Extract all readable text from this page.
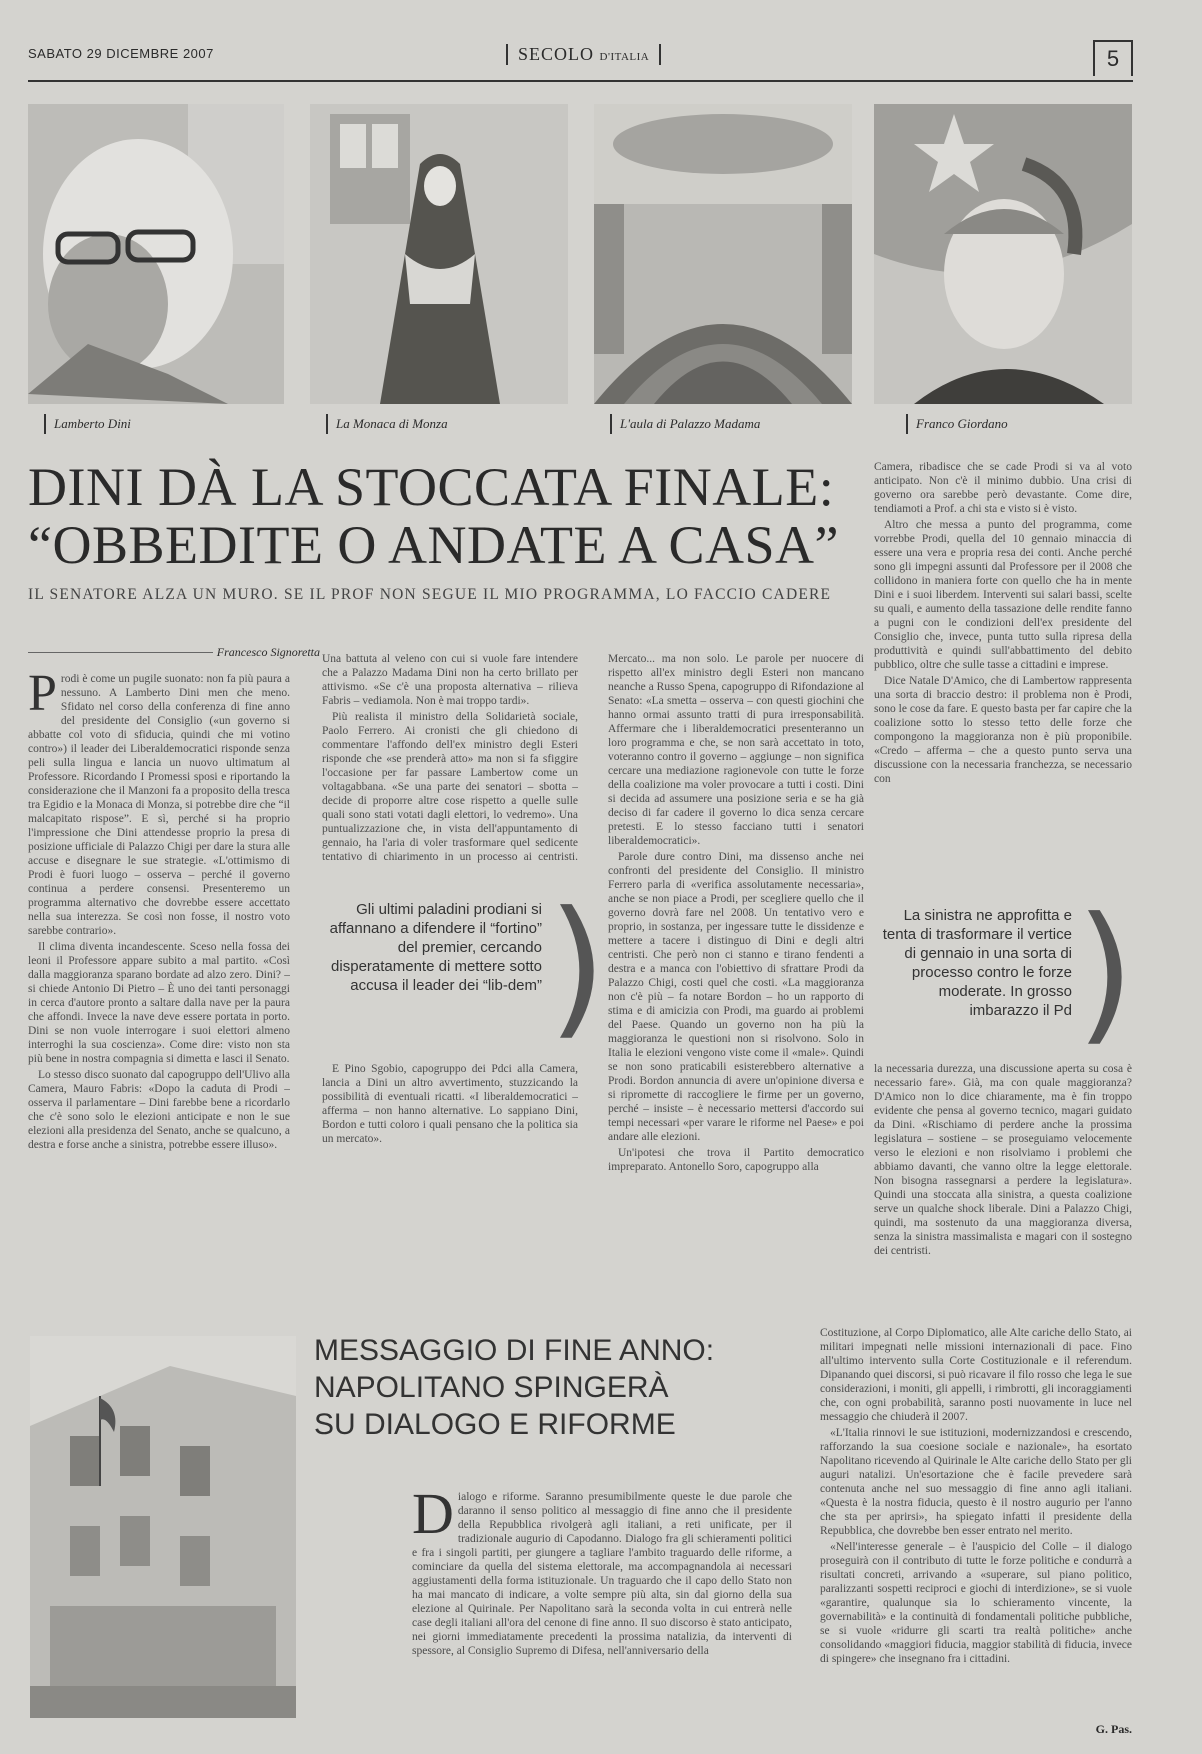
SABATO 29 DICEMBRE 2007	SECOLO D'ITALIA	5
Lamberto Dini	La Monaca di Monza	L'aula di Palazzo Madama	Franco Giordano
DINI DÀ LA STOCCATA FINALE:
“OBBEDITE O ANDATE A CASA”
IL SENATORE ALZA UN MURO. SE IL PROF NON SEGUE IL MIO PROGRAMMA, LO FACCIO CADERE
Francesco Signoretta
P rodi è come un pugile suonato: non fa più paura a nessuno. A Lamberto Dini men che meno. Sfidato nel corso della conferenza di fine anno del presidente del Consiglio («un governo si abbatte col voto di sfiducia, quindi che mi votino contro») il leader dei Liberaldemocratici risponde senza peli sulla lingua e lancia un nuovo ultimatum al Professore. Ricordando I Promessi sposi e riportando la considerazione che il Manzoni fa a proposito della tresca tra Egidio e la Monaca di Monza, si potrebbe dire che “il malcapitato rispose”. E sì, perché si ha proprio l'impressione che Dini attendesse proprio la presa di posizione ufficiale di Palazzo Chigi per dare la stura alle accuse e disegnare le sue strategie. «L'ottimismo di Prodi è fuori luogo – osserva – perché il governo continua a perdere consensi. Presenteremo un programma alternativo che dovrebbe essere accettato nella sua interezza. Se così non fosse, il nostro voto sarebbe contrario».

Il clima diventa incandescente. Sceso nella fossa dei leoni il Professore appare subito a mal partito. «Così dalla maggioranza sparano bordate ad alzo zero. Dini? – si chiede Antonio Di Pietro – È uno dei tanti personaggi in cerca d'autore pronto a saltare dalla nave per la paura che affondi. Invece la nave deve essere portata in porto. Dini se non vuole interrogare i suoi elettori almeno interroghi la sua coscienza». Come dire: visto non sta più bene in nostra compagnia si dimetta e lasci il Senato.

Lo stesso disco suonato dal capogruppo dell'Ulivo alla Camera, Mauro Fabris: «Dopo la caduta di Prodi – osserva il parlamentare – Dini farebbe bene a ricordarlo che c'è sono solo le elezioni anticipate e non le sue elezioni alla presidenza del Senato, anche se qualcuno, a destra e forse anche a sinistra, potrebbe essere illuso».

Una battuta al veleno con cui si vuole fare intendere che a Palazzo Madama Dini non ha certo brillato per attivismo. «Se c'è una proposta alternativa – rilieva Fabris – vediamola. Non è mai troppo tardi».

Più realista il ministro della Solidarietà sociale, Paolo Ferrero. Ai cronisti che gli chiedono di commentare l'affondo dell'ex ministro degli Esteri risponde che «se prenderà atto» ma non si fa sfiggire l'occasione per far passare Lambertow come un voltagabbana. «Se una parte dei senatori – sbotta – decide di proporre altre cose rispetto a quelle sulle quali sono stati votati dagli elettori, lo vedremo». Una puntualizzazione che, in vista dell'appuntamento di gennaio, ha l'aria di voler trasformare quel sedicente tentativo di chiarimento in un processo ai centristi.

Gli ultimi paladini prodiani si affannano a difendere il “fortino” del premier, cercando disperatamente di mettere sotto accusa il leader dei “lib-dem” )

E Pino Sgobio, capogruppo dei Pdci alla Camera, lancia a Dini un altro avvertimento, stuzzicando la possibilità di eventuali ricatti. «I liberaldemocratici – afferma – non hanno alternative. Lo sappiano Dini, Bordon e tutti coloro i quali pensano che la politica sia un mercato».

Mercato... ma non solo. Le parole per nuocere di rispetto all'ex ministro degli Esteri non mancano neanche a Russo Spena, capogruppo di Rifondazione al Senato: «La smetta – osserva – con questi giochini che hanno ormai assunto tratti di pura irresponsabilità. Affermare che i liberaldemocratici presenteranno un loro programma e che, se non sarà accettato in toto, voteranno contro il governo – aggiunge – non significa cercare una mediazione ragionevole con tutte le forze della coalizione ma voler provocare a tutti i costi. Dini si decida ad assumere una posizione seria e se ha già deciso di far cadere il governo lo dica senza cercare pretesti. E lo stesso facciano tutti i senatori liberaldemocratici».

Parole dure contro Dini, ma dissenso anche nei confronti del presidente del Consiglio. Il ministro Ferrero parla di «verifica assolutamente necessaria», anche se non piace a Prodi, per scegliere quello che il governo dovrà fare nel 2008. Un tentativo vero e proprio, in sostanza, per ingessare tutte le dissidenze e mettere a tacere i distinguo di Dini e degli altri centristi. Che però non ci stanno e tirano fendenti a destra e a manca con l'obiettivo di sfrattare Prodi da Palazzo Chigi, costi quel che costi. «La maggioranza non c'è più – fa notare Bordon – ho un rapporto di stima e di amicizia con Prodi, ma guardo ai problemi del Paese. Quando un governo non ha più la maggioranza le questioni non si risolvono. Solo in Italia le elezioni vengono viste come il «male». Quindi se non sono praticabili esisterebbero alternative a Prodi. Bordon annuncia di avere un'opinione diversa e si ripromette di raccogliere le firme per un governo, perché – insiste – è necessario mettersi d'accordo sui tempi necessari «per varare le riforme nel Paese» e poi andare alle elezioni.

Un'ipotesi che trova il Partito democratico impreparato. Antonello Soro, capogruppo alla

Camera, ribadisce che se cade Prodi si va al voto anticipato. Non c'è il minimo dubbio. Una crisi di governo ora sarebbe però devastante. Come dire, tendiamoti a Prof. a chi sta e visto si è visto.

Altro che messa a punto del programma, come vorrebbe Prodi, quella del 10 gennaio minaccia di essere una vera e propria resa dei conti. Anche perché sono gli impegni assunti dal Professore per il 2008 che collidono in maniera forte con quello che ha in mente Dini e i suoi liberdem. Interventi sui salari bassi, scelte su quali, e aumento della tassazione delle rendite fanno a pugni con le condizioni dell'ex presidente del Consiglio che, invece, punta tutto sulla ripresa della produttività e quindi sull'abbattimento del debito pubblico, oltre che sulle tasse a cittadini e imprese.

Dice Natale D'Amico, che di Lambertow rappresenta una sorta di braccio destro: il problema non è Prodi, sono le cose da fare. E questo basta per far capire che la coalizione sotto lo stesso tetto delle forze che compongono la maggioranza non è più proponibile. «Credo – afferma – che a questo punto serva una discussione con la necessaria franchezza, se necessario con

La sinistra ne approfitta e tenta di trasformare il vertice di gennaio in una sorta di processo contro le forze moderate. In grosso imbarazzo il Pd )

la necessaria durezza, una discussione aperta su cosa è necessario fare». Già, ma con quale maggioranza? D'Amico non lo dice chiaramente, ma è fin troppo evidente che pensa al governo tecnico, magari guidato da Dini. «Rischiamo di perdere anche la prossima legislatura – sostiene – se proseguiamo velocemente verso le elezioni e non risolviamo i problemi che abbiamo davanti, che vanno oltre la legge elettorale. Non bisogna rassegnarsi a perdere la legislatura». Quindi una stoccata alla sinistra, a questa coalizione serve un qualche shock liberale. Dini a Palazzo Chigi, quindi, ma sostenuto da una maggioranza diversa, senza la sinistra massimalista e magari con il sostegno dei centristi.

MESSAGGIO DI FINE ANNO:
NAPOLITANO SPINGERÀ
SU DIALOGO E RIFORME
D ialogo e riforme. Saranno presumibilmente queste le due parole che daranno il senso politico al messaggio di fine anno che il presidente della Repubblica rivolgerà agli italiani, a reti unificate, per il tradizionale augurio di Capodanno. Dialogo fra gli schieramenti politici e fra i singoli partiti, per giungere a tagliare l'ambito traguardo delle riforme, a cominciare da quella del sistema elettorale, ma accompagnandola ai necessari aggiustamenti della forma istituzionale. Un traguardo che il capo dello Stato non ha mai mancato di indicare, a volte sempre più alta, sin dal giorno della sua elezione al Quirinale. Per Napolitano sarà la seconda volta in cui entrerà nelle case degli italiani all'ora del cenone di fine anno. Il suo discorso è stato anticipato, nei giorni immediatamente precedenti la prossima natalizia, da interventi di spessore, al Consiglio Supremo di Difesa, nell'anniversario della

Costituzione, al Corpo Diplomatico, alle Alte cariche dello Stato, ai militari impegnati nelle missioni internazionali di pace. Fino all'ultimo intervento sulla Corte Costituzionale e il referendum. Dipanando quei discorsi, si può ricavare il filo rosso che lega le sue considerazioni, i moniti, gli appelli, i rimbrotti, gli incoraggiamenti che, con ogni probabilità, saranno posti nuovamente in luce nel messaggio che chiuderà il 2007.

«L'Italia rinnovi le sue istituzioni, modernizzandosi e crescendo, rafforzando la sua coesione sociale e nazionale», ha esortato Napolitano ricevendo al Quirinale le Alte cariche dello Stato per gli auguri natalizi. Un'esortazione che è facile prevedere sarà contenuta anche nel suo messaggio di fine anno agli italiani. «Questa è la nostra fiducia, questo è il nostro augurio per l'anno che sta per aprirsi», ha spiegato infatti il presidente della Repubblica, che dovrebbe ben esser entrato nel merito.

«Nell'interesse generale – è l'auspicio del Colle – il dialogo proseguirà con il contributo di tutte le forze politiche e condurrà a risultati concreti, arrivando a «superare, sul piano politico, paralizzanti sospetti reciproci e giochi di interdizione», se si vuole «garantire, qualunque sia lo schieramento vincente, la governabilità» e la continuità di fondamentali politiche pubbliche, se si vuole «ridurre gli scarti tra realtà politiche» anche consolidando «maggiori fiducia, maggior stabilità di fiducia, invece di spingere» che insegnano fra i cittadini.

G. Pas.
